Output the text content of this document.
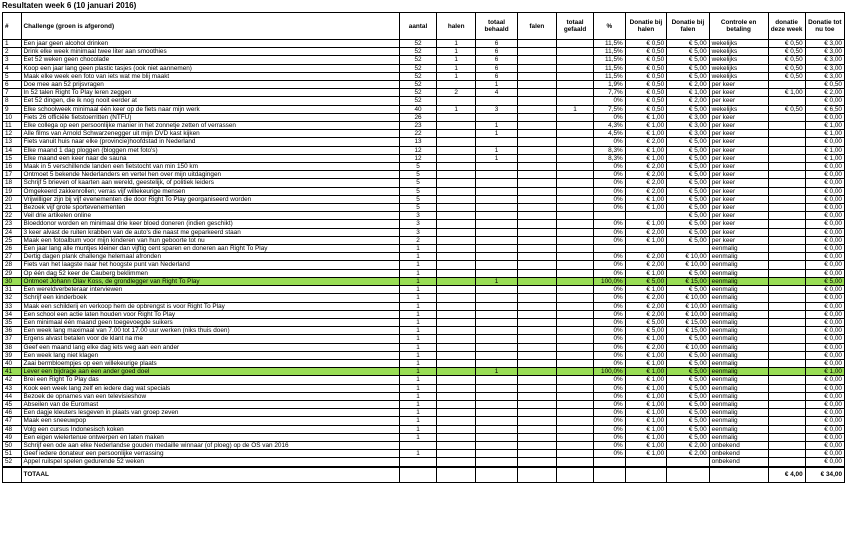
Resultaten week 6 (10 januari 2016)
#	Challenge (groen is afgerond)	aantal	halen	totaal behaald	falen	totaal gefaald	%	Donatie bij halen	Donatie bij falen	Controle en betaling	donatie deze week	Donatie tot nu toe
1	Een jaar geen alcohol drinken	52	1	6			11,5%	€ 0,50	€ 5,00	wekelijks	€ 0,50	€ 3,00
2	Drink elke week minimaal twee liter aan smoothies	52	1	6			11,5%	€ 0,50	€ 5,00	wekelijks	€ 0,50	€ 3,00
3	Eet 52 weken geen chocolade	52	1	6			11,5%	€ 0,50	€ 5,00	wekelijks	€ 0,50	€ 3,00
4	Koop een jaar lang geen plastic tasjes (ook niet aannemen)	52	1	6			11,5%	€ 0,50	€ 5,00	wekelijks	€ 0,50	€ 3,00
5	Maak elke week een foto van iets wat me blij maakt	52	1	6			11,5%	€ 0,50	€ 5,00	wekelijks	€ 0,50	€ 3,00
6	Doe mee aan 52 prijsvragen	52		1			1,9%	€ 0,50	€ 2,00	per keer		€ 0,50
7	In 52 talen Right To Play leren zeggen	52	2	4			7,7%	€ 0,50	€ 1,00	per keer	€ 1,00	€ 2,00
8	Eet 52 dingen, die ik nog nooit eerder at	52					0%	€ 0,50	€ 2,00	per keer		€ 0,00
9	Elke schoolweek minimaal één keer op de fiets naar mijn werk	40	1	3		1	7,5%	€ 0,50	€ 5,00	wekelijks	€ 0,50	€ 6,50
10	Fiets 26 officiële fietstoerritten (NTFU)	26					0%	€ 1,00	€ 3,00	per keer		€ 0,00
11	Elke collega op een persoonlijke manier in het zonnetje zetten of verrassen	23		1			4,3%	€ 1,00	€ 3,00	per keer		€ 1,00
12	Alle films van Arnold Schwarzenegger uit mijn DVD kast kijken	22		1			4,5%	€ 1,00	€ 3,00	per keer		€ 1,00
13	Fiets vanuit huis naar elke (provincie)hoofdstad in Nederland	13					0%	€ 2,00	€ 5,00	per keer		€ 0,00
14	Elke maand 1 dag ploggen (bloggen met foto's)	12		1			8,3%	€ 1,00	€ 5,00	per keer		€ 1,00
15	Elke maand een keer naar de sauna	12		1			8,3%	€ 1,00	€ 5,00	per keer		€ 1,00
16	Maak in 5 verschillende landen een fietstocht van min 150 km	5					0%	€ 2,00	€ 5,00	per keer		€ 0,00
17	Ontmoet 5 bekende Nederlanders en vertel hen over mijn uitdagingen	5					0%	€ 2,00	€ 5,00	per keer		€ 0,00
18	Schrijf 5 brieven of kaarten aan wereld, geestelijk, of politiek leiders	5					0%	€ 2,00	€ 5,00	per keer		€ 0,00
19	Omgekeerd zakkenrollen; verras vijf willekeurige mensen	5					0%	€ 2,00	€ 5,00	per keer		€ 0,00
20	Vrijwilliger zijn bij vijf evenementen die door Right To Play georganiseerd worden	5					0%	€ 1,00	€ 5,00	per keer		€ 0,00
21	Bezoek vijf grote sportevenementen	5					0%	€ 1,00	€ 5,00	per keer		€ 0,00
22	Veil drie artikelen online	3							€ 5,00	per keer		€ 0,00
23	Bloeddonor worden en minimaal drie keer bloed doneren (indien geschikt)	3					0%	€ 1,00	€ 5,00	per keer		€ 0,00
24	3 keer alvast de ruiten krabben van de auto's die naast me geparkeerd staan	3					0%	€ 2,00	€ 5,00	per keer		€ 0,00
25	Maak een fotoalbum voor mijn kinderen van hun geboorte tot nu	2					0%	€ 1,00	€ 5,00	per keer		€ 0,00
26	Een jaar lang alle muntjes kleiner dan vijftig cent sparen en doneren aan Right To Play	1								eenmalig		€ 0,00
27	Dertig dagen plank challenge helemaal afronden	1					0%	€ 2,00	€ 10,00	eenmalig		€ 0,00
28	Fiets van het laagste naar het hoogste punt van Nederland	1					0%	€ 2,00	€ 10,00	eenmalig		€ 0,00
29	Op één dag 52 keer de Cauberg beklimmen	1					0%	€ 1,00	€ 5,00	eenmalig		€ 0,00
30	Ontmoet Johann Olav Koss, de grondlegger van Right To Play	1		1			100,0%	€ 5,00	€ 15,00	eenmalig		€ 5,00
31	Een wereldverbeteraar interviewen	1					0%	€ 1,00	€ 5,00	eenmalig		€ 0,00
32	Schrijf een kinderboek	1					0%	€ 2,00	€ 10,00	eenmalig		€ 0,00
33	Maak een schilderij en verkoop hem de opbrengst is voor Right To Play	1					0%	€ 2,00	€ 10,00	eenmalig		€ 0,00
34	Een school een actie laten houden voor Right To Play	1					0%	€ 2,00	€ 10,00	eenmalig		€ 0,00
35	Een minimaal één maand geen toegevoegde suikers	1					0%	€ 5,00	€ 15,00	eenmalig		€ 0,00
36	Een week lang maximaal van 7.00 tot 17.00 uur werken (niks thuis doen)	1					0%	€ 5,00	€ 15,00	eenmalig		€ 0,00
37	Ergens alvast betalen voor de klant na me	1					0%	€ 1,00	€ 5,00	eenmalig		€ 0,00
38	Geef een maand lang elke dag iets weg aan een ander	1					0%	€ 2,00	€ 10,00	eenmalig		€ 0,00
39	Een week lang niet klagen	1					0%	€ 1,00	€ 5,00	eenmalig		€ 0,00
40	Zaai bermbloempjes op een willekeurige plaats	1					0%	€ 1,00	€ 5,00	eenmalig		€ 0,00
41	Lever een bijdrage aan een ander goed doel	1		1			100,0%	€ 1,00	€ 5,00	eenmalig		€ 1,00
42	Brei een Right To Play das	1					0%	€ 1,00	€ 5,00	eenmalig		€ 0,00
43	Kook een week lang zelf en iedere dag wat specials	1					0%	€ 1,00	€ 5,00	eenmalig		€ 0,00
44	Bezoek de opnames van een televisieshow	1					0%	€ 1,00	€ 5,00	eenmalig		€ 0,00
45	Abseilen van de Euromast	1					0%	€ 1,00	€ 5,00	eenmalig		€ 0,00
46	Een dagje kleuters lesgeven in plaats van groep zeven	1					0%	€ 1,00	€ 5,00	eenmalig		€ 0,00
47	Maak een sneeuwpop	1					0%	€ 1,00	€ 5,00	eenmalig		€ 0,00
48	Volg een cursus Indonesisch koken	1					0%	€ 1,00	€ 5,00	eenmalig		€ 0,00
49	Een eigen wielertenue ontwerpen en laten maken	1					0%	€ 1,00	€ 5,00	eenmalig		€ 0,00
50	Schrijf een ode aan elke Nederlandse gouden medaille winnaar (of ploeg) op de OS van 2016						0%	€ 1,00	€ 2,00	onbekend		€ 0,00
51	Geef iedere donateur een persoonlijke verrassing	1					0%	€ 1,00	€ 2,00	onbekend		€ 0,00
52	Appel ruilspel spelen gedurende 52 weken									onbekend		€ 0,00
	TOTAAL										€ 4,00	€ 34,00
